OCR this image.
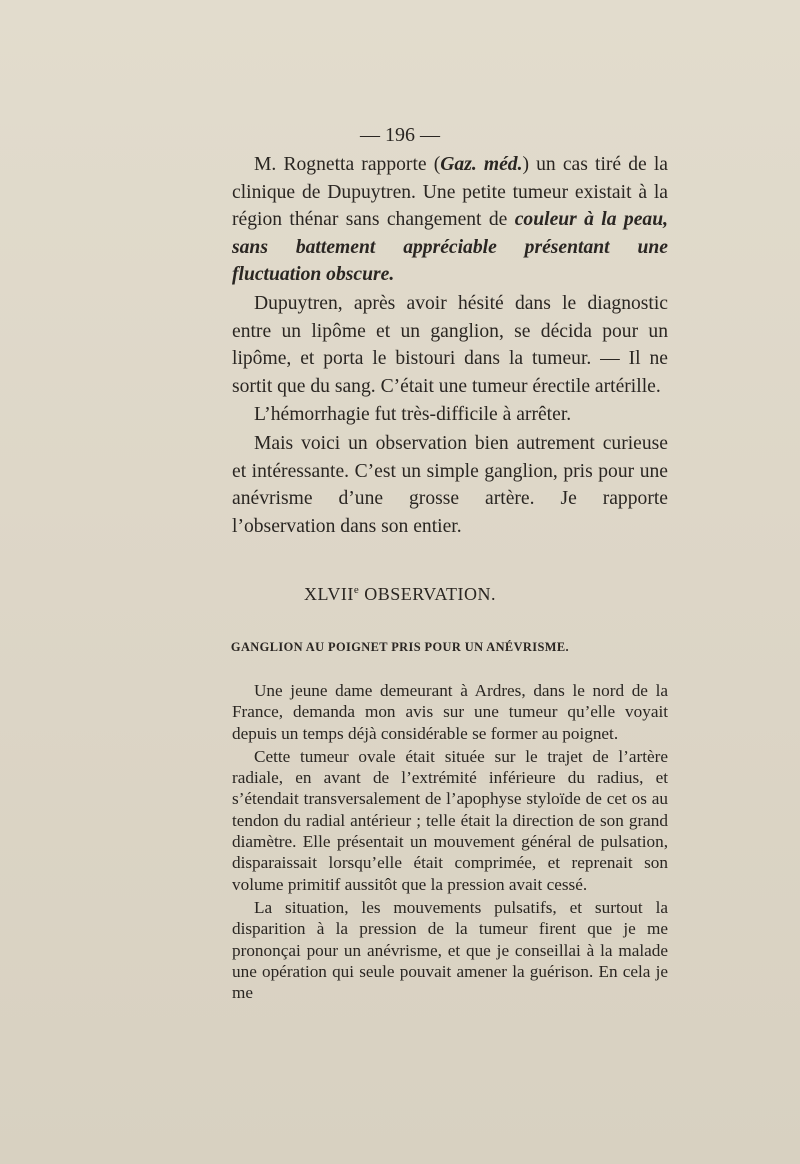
— 196 —

M. Rognetta rapporte (Gaz. méd.) un cas tiré de la clinique de Dupuytren. Une petite tumeur existait à la région thénar sans changement de couleur à la peau, sans battement appréciable présentant une fluctuation obscure.

Dupuytren, après avoir hésité dans le diagnostic entre un lipôme et un ganglion, se décida pour un lipôme, et porta le bistouri dans la tumeur. — Il ne sortit que du sang. C’était une tumeur érectile artérille.

L’hémorrhagie fut très-difficile à arrêter.

Mais voici un observation bien autrement curieuse et intéressante. C’est un simple ganglion, pris pour une anévrisme d’une grosse artère. Je rapporte l’observation dans son entier.

XLVIIe OBSERVATION.
GANGLION AU POIGNET PRIS POUR UN ANÉVRISME.

Une jeune dame demeurant à Ardres, dans le nord de la France, demanda mon avis sur une tumeur qu’elle voyait depuis un temps déjà considérable se former au poignet.

Cette tumeur ovale était située sur le trajet de l’artère radiale, en avant de l’extrémité inférieure du radius, et s’étendait transversalement de l’apophyse styloïde de cet os au tendon du radial antérieur ; telle était la direction de son grand diamètre. Elle présentait un mouvement général de pulsation, disparaissait lorsqu’elle était comprimée, et reprenait son volume primitif aussitôt que la pression avait cessé.

La situation, les mouvements pulsatifs, et surtout la disparition à la pression de la tumeur firent que je me prononçai pour un anévrisme, et que je conseillai à la malade une opération qui seule pouvait amener la guérison. En cela je me
